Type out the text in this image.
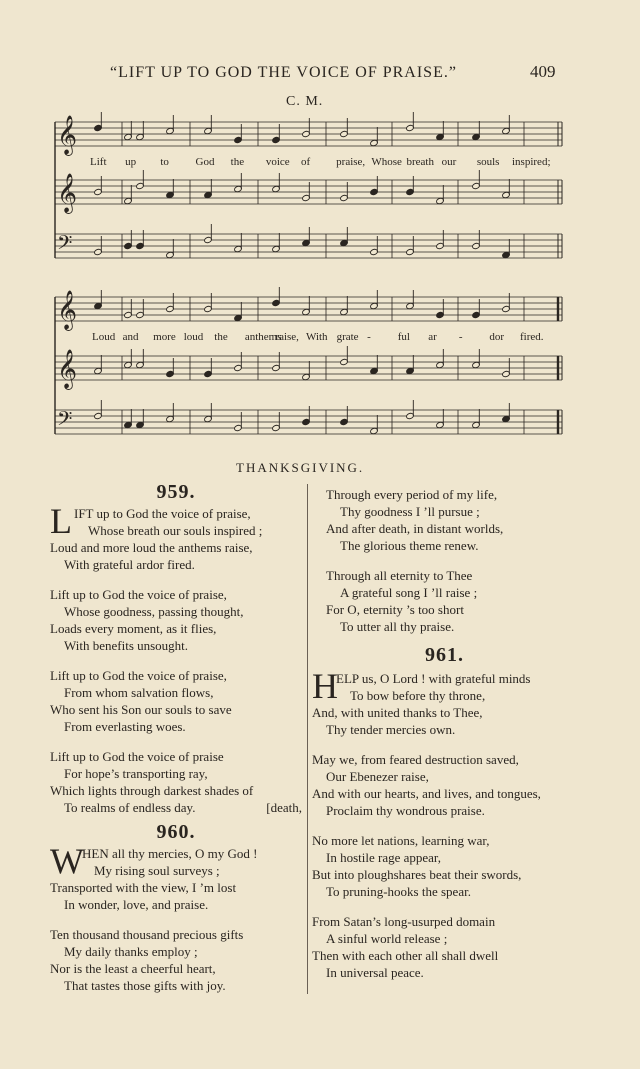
“LIFT UP TO GOD THE VOICE OF PRAISE.”	409
C. M.
𝄞
𝄞
𝄢
𝄞
𝄞
𝄢
Lift up to God the voice of praise, Whose breath our souls inspired;
Loud and more loud the anthems
raise, With grate - ful ar - dor fired.
THANKSGIVING.
959.
L IFT up to God the voice of praise,
Whose breath our souls inspired ;
Loud and more loud the anthems raise,
With grateful ardor fired.
Lift up to God the voice of praise,
Whose goodness, passing thought,
Loads every moment, as it flies,
With benefits unsought.
Lift up to God the voice of praise,
From whom salvation flows,
Who sent his Son our souls to save
From everlasting woes.
Lift up to God the voice of praise
For hope’s transporting ray,
Which lights through darkest shades of
To realms of endless day.	[death,
960.
W
HEN all thy mercies, O my God !
My rising soul surveys ;
Transported with the view, I ’m lost
In wonder, love, and praise.
Ten thousand thousand precious gifts
My daily thanks employ ;
Nor is the least a cheerful heart,
That tastes those gifts with joy.
Through every period of my life,
Thy goodness I ’ll pursue ;
And after death, in distant worlds,
The glorious theme renew.
Through all eternity to Thee
A grateful song I ’ll raise ;
For O, eternity ’s too short
To utter all thy praise.
961.
H
ELP us, O Lord ! with grateful minds
To bow before thy throne,
And, with united thanks to Thee,
Thy tender mercies own.
May we, from feared destruction saved,
Our Ebenezer raise,
And with our hearts, and lives, and tongues,
Proclaim thy wondrous praise.
No more let nations, learning war,
In hostile rage appear,
But into ploughshares beat their swords,
To pruning-hooks the spear.
From Satan’s long-usurped domain
A sinful world release ;
Then with each other all shall dwell
In universal peace.
